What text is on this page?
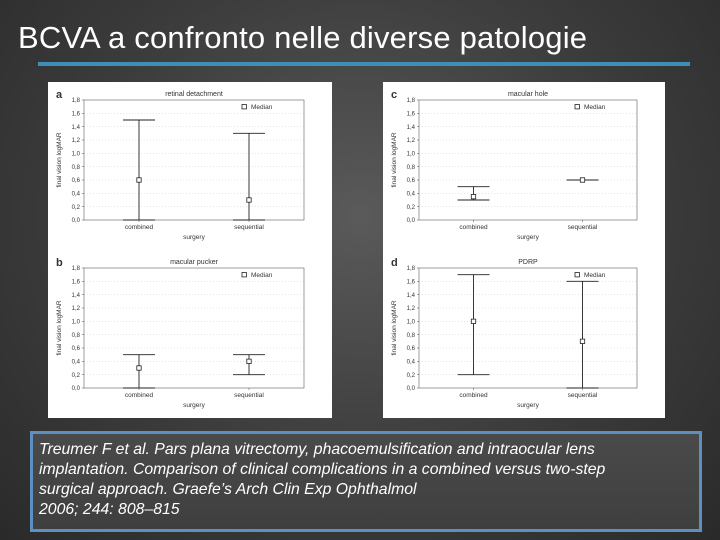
BCVA a confronto nelle diverse patologie
a	retinal detachment
0,0
0,2
0,4
0,6
0,8
1,0
1,2
1,4
1,6
1,8
final vision logMAR
combined	sequential
surgery
Median
c	macular hole
0,0
0,2
0,4
0,6
0,8
1,0
1,2
1,4
1,6
1,8
final vision logMAR
combined	sequential
surgery
Median
b	macular pucker
0,0
0,2
0,4
0,6
0,8
1,0
1,2
1,4
1,6
1,8
final vision logMAR
combined	sequential
surgery
Median
d	PDRP
0,0
0,2
0,4
0,6
0,8
1,0
1,2
1,4
1,6
1,8
final vision logMAR
combined	sequential
surgery
Median
Treumer F et al. Pars plana vitrectomy, phacoemulsification and intraocular lens
implantation. Comparison of clinical complications in a combined versus two-step
surgical approach. Graefe’s Arch Clin Exp Ophthalmol
2006; 244: 808–815
